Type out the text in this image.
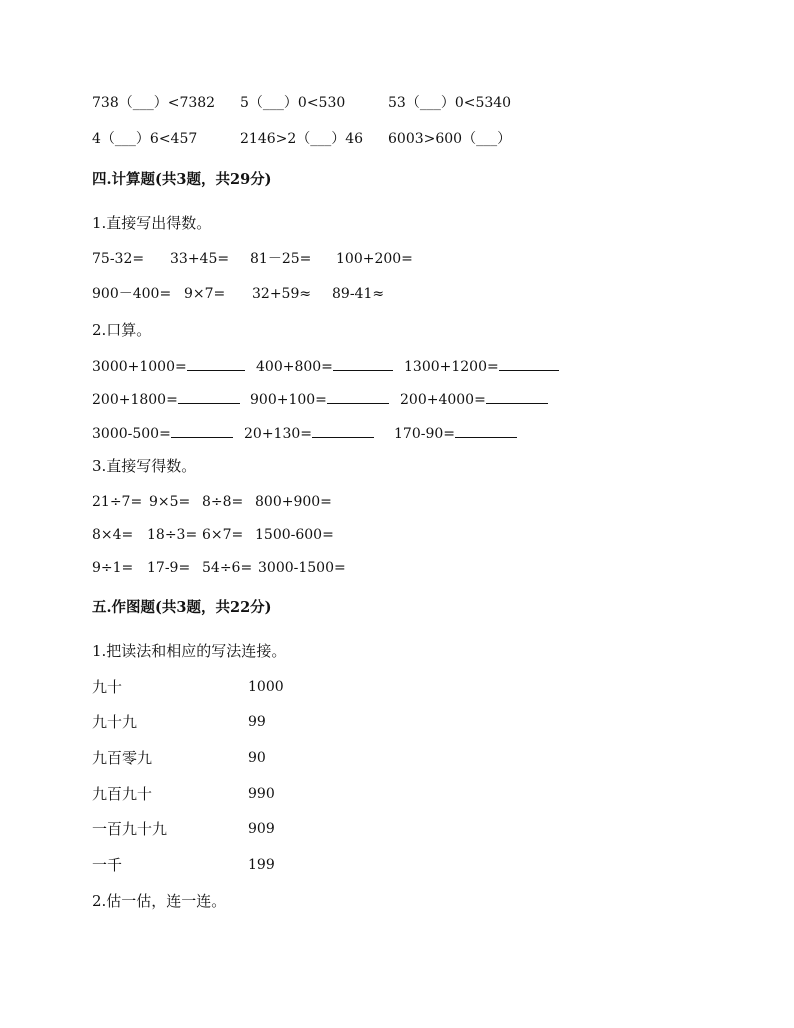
738（___）<7382 5（___）0<530	53（___）0<5340
4（___）6<457	2146>2（___）46 6003>600（___）
四.计算题(共3题，共29分)
1.直接写出得数。
75-32= 33+45= 81－25= 100+200=
900－400= 9×7= 32+59≈ 89-41≈
2.口算。
3000+1000=	400+800=	1300+1200=
200+1800=	900+100=	200+4000=
3000-500=	20+130=	170-90=
3.直接写得数。
21÷7= 9×5= 8÷8= 800+900=
8×4= 18÷3= 6×7= 1500-600=
9÷1= 17-9= 54÷6= 3000-1500=
五.作图题(共3题，共22分)
1.把读法和相应的写法连接。
九十	1000
九十九	99
九百零九	90
九百九十	990
一百九十九	909
一千	199
2.估一估，连一连。
